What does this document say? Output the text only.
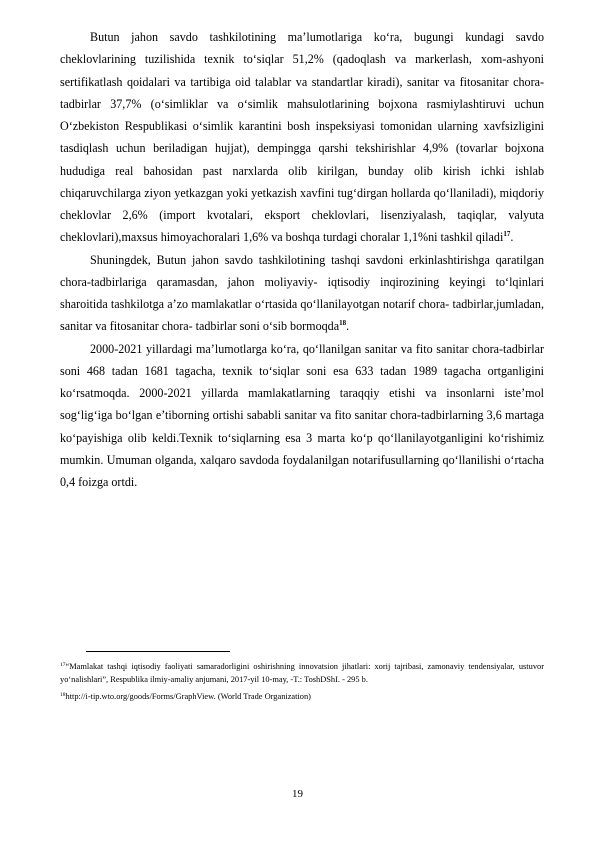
Butun jahon savdo tashkilotining ma’lumotlariga ko‘ra, bugungi kundagi savdo cheklovlarining tuzilishida texnik to‘siqlar 51,2% (qadoqlash va markerlash, xom-ashyoni sertifikatlash qoidalari va tartibiga oid talablar va standartlar kiradi), sanitar va fitosanitar chora-tadbirlar 37,7% (o‘simliklar va o‘simlik mahsulotlarining bojxona rasmiylashtiruvi uchun O‘zbekiston Respublikasi o‘simlik karantini bosh inspeksiyasi tomonidan ularning xavfsizligini tasdiqlash uchun beriladigan hujjat), dempingga qarshi tekshirishlar 4,9% (tovarlar bojxona hududiga real bahosidan past narxlarda olib kirilgan, bunday olib kirish ichki ishlab chiqaruvchilarga ziyon yetkazgan yoki yetkazish xavfini tug‘dirgan hollarda qo‘llaniladi), miqdoriy cheklovlar 2,6% (import kvotalari, eksport cheklovlari, lisenziyalash, taqiqlar, valyuta cheklovlari),maxsus himoyachoralari 1,6% va boshqa turdagi choralar 1,1%ni tashkil qiladi$^{17}$.

Shuningdek, Butun jahon savdo tashkilotining tashqi savdoni erkinlashtirishga qaratilgan chora-tadbirlariga qaramasdan, jahon moliyaviy- iqtisodiy inqirozining keyingi to‘lqinlari sharoitida tashkilotga a’zo mamlakatlar o‘rtasida qo‘llanilayotgan notarif chora- tadbirlar,jumladan, sanitar va fitosanitar chora- tadbirlar soni o‘sib bormoqda$^{18}$.

2000-2021 yillardagi ma’lumotlarga ko‘ra, qo‘llanilgan sanitar va fito sanitar chora-tadbirlar soni 468 tadan 1681 tagacha, texnik to‘siqlar soni esa 633 tadan 1989 tagacha ortganligini ko‘rsatmoqda. 2000-2021 yillarda mamlakatlarning taraqqiy etishi va insonlarni iste’mol sog‘lig‘iga bo‘lgan e’tiborning ortishi sababli sanitar va fito sanitar chora-tadbirlarning 3,6 martaga ko‘payishiga olib keldi.Texnik to‘siqlarning esa 3 marta ko‘p qo‘llanilayotganligini ko‘rishimiz mumkin. Umuman olganda, xalqaro savdoda foydalanilgan notarifusullarning qo‘llanilishi o‘rtacha 0,4 foizga ortdi.

$^{17}$“Mamlakat tashqi iqtisodiy faoliyati samaradorligini oshirishning innovatsion jihatlari: xorij tajribasi, zamonaviy tendensiyalar, ustuvor yo‘nalishlari”, Respublika ilmiy-amaliy anjumani, 2017-yil 10-may, -T.: ToshDShI. - 295 b.

$^{18}$http://i-tip.wto.org/goods/Forms/GraphView. (World Trade Organization)

19
